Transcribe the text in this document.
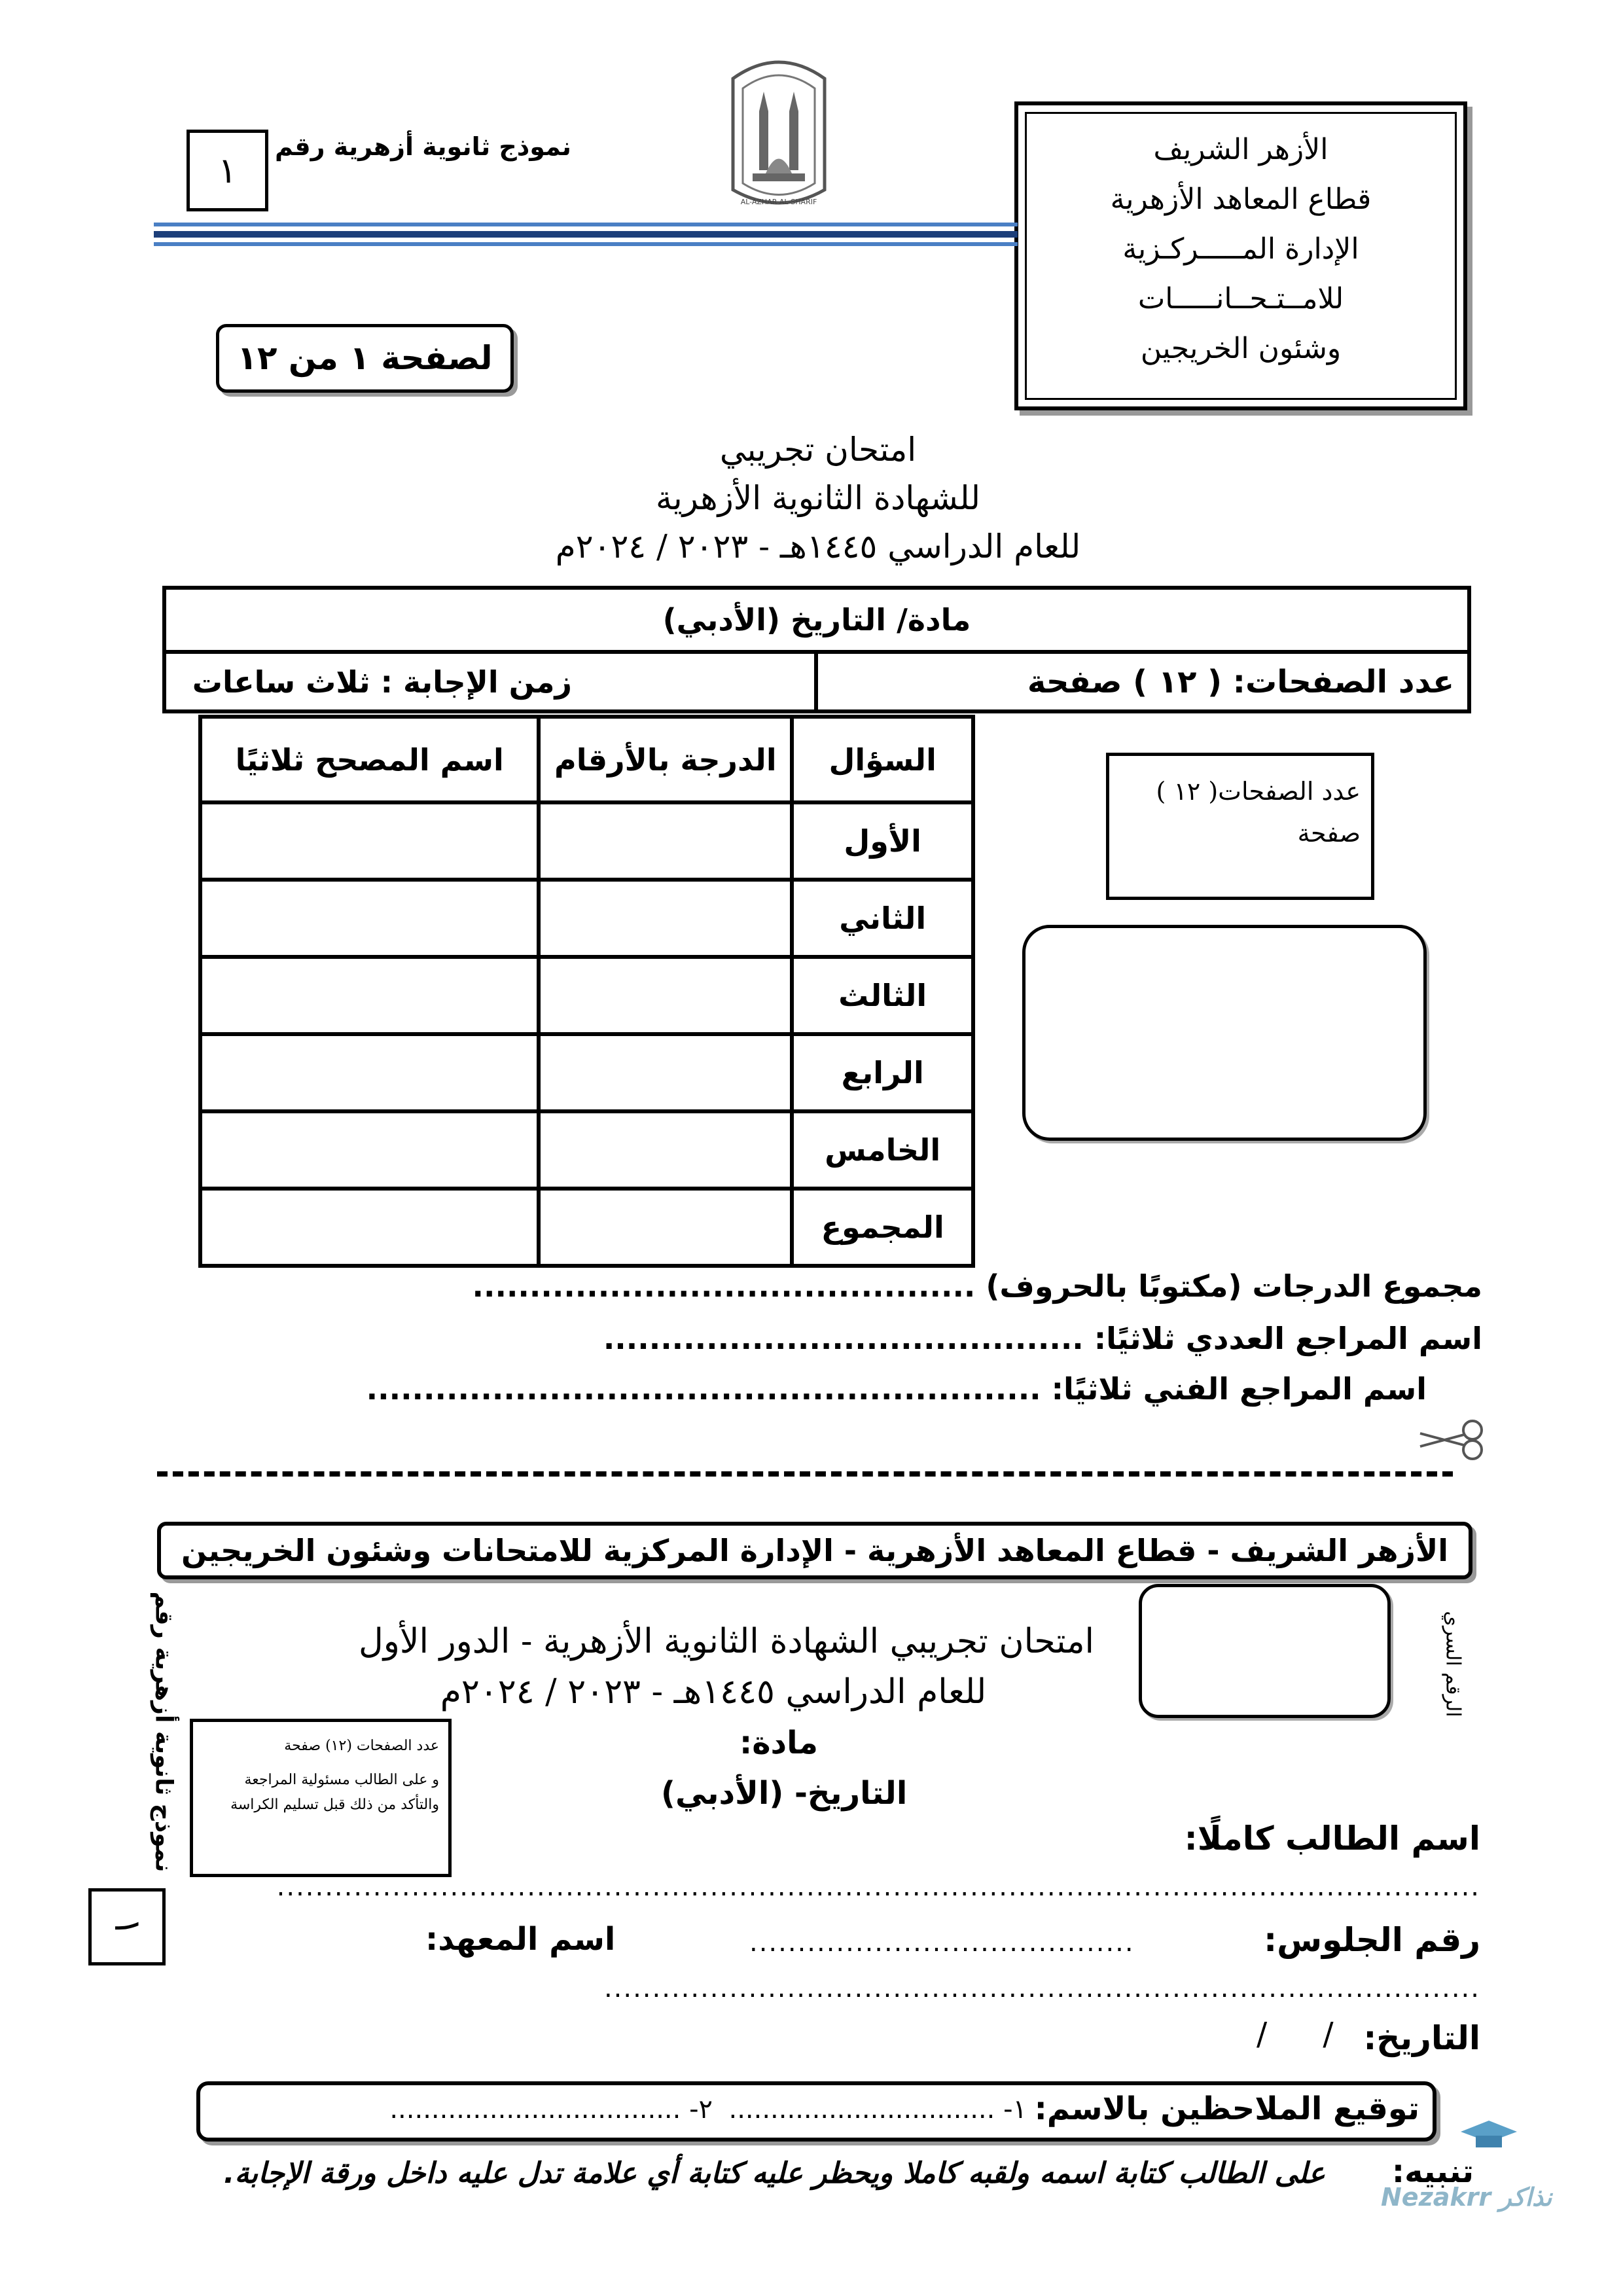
الأزهر الشريف
قطاع المعاهد الأزهرية
الإدارة المـــــركـزية
للامــتـحــانـــــات
وشئون الخريجين
AL-AZHAR AL-SHARIF
نموذج ثانوية أزهرية رقم
١
لصفحة ١ من ١٢
امتحان تجريبي
للشهادة الثانوية الأزهرية
للعام الدراسي ١٤٤٥هـ - ٢٠٢٣ / ٢٠٢٤م
مادة/ التاريخ (الأدبي)
عدد الصفحات: ( ١٢ ) صفحة
زمن الإجابة : ثلاث ساعات
السؤال	الدرجة بالأرقام	اسم المصحح ثلاثيًا
الأول		
الثاني		
الثالث		
الرابع		
الخامس		
المجموع		
عدد الصفحات( ١٢ )
صفحة
مجموع الدرجات (مكتوبًا بالحروف) ............................................
اسم المراجع العددي ثلاثيًا: ..........................................
اسم المراجع الفني ثلاثيًا: ...........................................................
الأزهر الشريف - قطاع المعاهد الأزهرية - الإدارة المركزية للامتحانات وشئون الخريجين
امتحان تجريبي الشهادة الثانوية الأزهرية - الدور الأول
للعام الدراسي ١٤٤٥هـ - ٢٠٢٣ / ٢٠٢٤م
مادة:
التاريخ- (الأدبي)
الرقم السري
نموذج ثانوية أزهرية رقم
١
عدد الصفحات (١٢) صفحة
و على الطالب مسئولية المراجعة والتأكد من ذلك قبل تسليم الكراسة
اسم الطالب كاملًا:
.............................................................................................................................
رقم الجلوس:
........................................
اسم المعهد:
...........................................................................................
التاريخ:
/ /
توقيع الملاحظين بالاسم:
١- ................................
٢- ...................................
تنبيه:
على الطالب كتابة اسمه ولقبه كاملا ويحظر عليه كتابة أي علامة تدل عليه داخل ورقة الإجابة.
Nezakrr نذاكر
